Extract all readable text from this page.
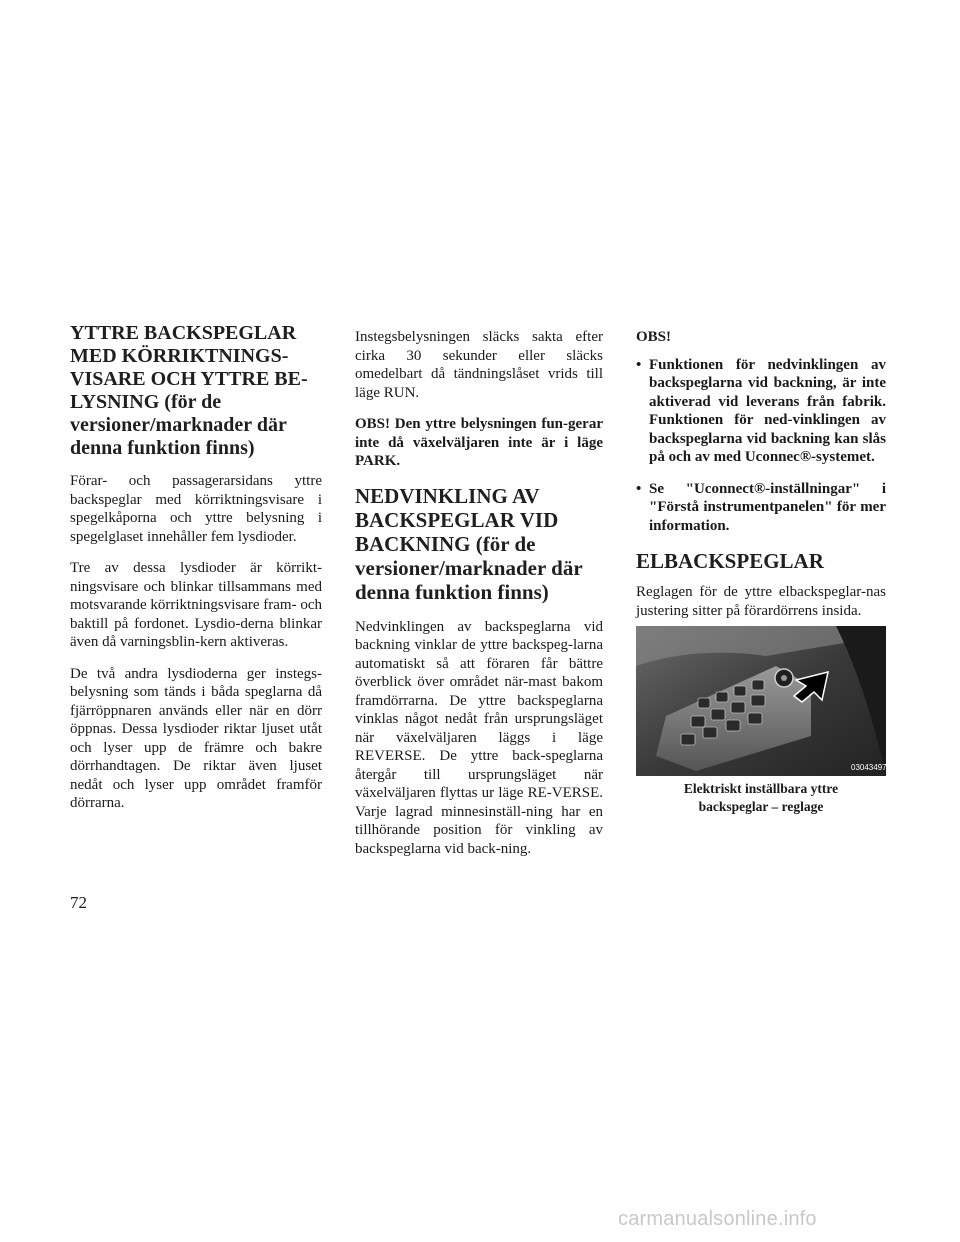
YTTRE BACKSPEGLAR MED KÖRRIKTNINGS-VISARE OCH YTTRE BE-LYSNING (för de versioner/marknader där denna funktion finns)

Förar- och passagerarsidans yttre backspeglar med körriktningsvisare i spegelkåporna och yttre belysning i spegelglaset innehåller fem lysdioder.

Tre av dessa lysdioder är körrikt-ningsvisare och blinkar tillsammans med motsvarande körriktningsvisare fram- och baktill på fordonet. Lysdio-derna blinkar även då varningsblin-kern aktiveras.

De två andra lysdioderna ger instegs-belysning som tänds i båda speglarna då fjärröppnaren används eller när en dörr öppnas. Dessa lysdioder riktar ljuset utåt och lyser upp de främre och bakre dörrhandtagen. De riktar även ljuset nedåt och lyser upp området framför dörrarna.

Instegsbelysningen släcks sakta efter cirka 30 sekunder eller släcks omedelbart då tändningslåset vrids till läge RUN.

OBS! Den yttre belysningen fun-gerar inte då växelväljaren inte är i läge PARK.

NEDVINKLING AV BACKSPEGLAR VID BACKNING (för de versioner/marknader där denna funktion finns)

Nedvinklingen av backspeglarna vid backning vinklar de yttre backspeg-larna automatiskt så att föraren får bättre överblick över området när-mast bakom framdörrarna. De yttre backspeglarna vinklas något nedåt från ursprungsläget när växelväljaren läggs i läge REVERSE. De yttre back-speglarna återgår till ursprungsläget när växelväljaren flyttas ur läge RE-VERSE. Varje lagrad minnesinställ-ning har en tillhörande position för vinkling av backspeglarna vid back-ning.

OBS!

• Funktionen för nedvinklingen av backspeglarna vid backning, är inte aktiverad vid leverans från fabrik. Funktionen för ned-vinklingen av backspeglarna vid backning kan slås på och av med Uconnec®-systemet.
• Se "Uconnect®-inställningar" i "Förstå instrumentpanelen" för mer information.
ELBACKSPEGLAR

Reglagen för de yttre elbackspeglar-nas justering sitter på förardörrens insida.

030434975
Elektriskt inställbara yttre
backspeglar – reglage
72
carmanualsonline.info
